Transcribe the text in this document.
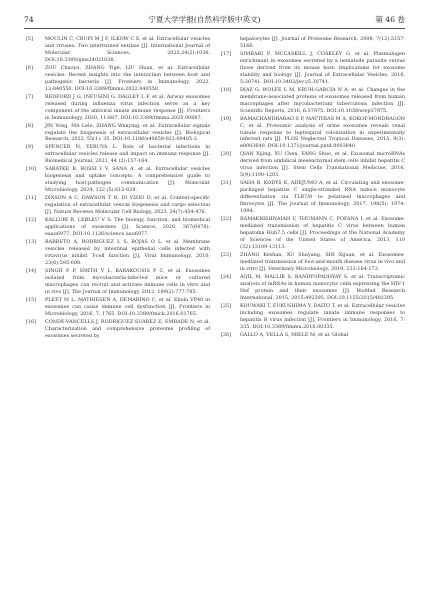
74	宁夏大学学报(自然科学版中英文)	第 46 卷
[5] MOULIN C, CRUPI M J F, ILKOW C S, et al. Extracellular vesicles and viruses: Two intertwined entities [J]. International Journal of Molecular Sciences, 2023,24(2):1036. DOI:10.3390/ijms24021036.
[6] ZOU Chaoyu, ZHANG Yige, LIU Huan, et al. Extracellular vesicles: Recent insights into the interaction between host and pathogenic bacteria [J]. Frontiers in Immunology, 2022, 13:840550. DOI:10.3389/fimmu.2022.840550.
[7] BEDFORD J G, INFUSINI G, DAGLEY L F, et al. Airway exosomes released during influenza virus infection serve as a key component of the antiviral innate immune response [J]. Frontiers in Immunology, 2020, 11:887. DOI:10.3389/fimmu.2020.00887.
[8] JIN Yong, MA Lele, ZHANG Wanying, et al. Extracellular signals regulate the biogenesis of extracellular vesicles [J]. Biological Research, 2022, 55(1): 35. DOI:10.1186/s40659-022-00405-2.
[9] SPENCER N, YERUVA L. Role of bacterial infections in extracellular vesicles release and impact on immune response [J]. Biomedical Journal, 2021, 44 (2):157-164.
[10] SABATKE B, ROSSI I V, SANA A, et al. Extracellular vesicles biogenesis and uptake concepts: A comprehensive guide to studying host-pathogen communication [J]. Molecular Microbiology, 2024, 122 (5):613-629.
[11] DIXSON A C, DAWSON T R, DI VIZIO D, et al. Context-specific regulation of extracellular vesicle biogenesis and cargo selection [J]. Nature Reviews Molecular Cell Biology, 2023, 24(7):454-476.
[12] KALLURI R, LEBLEU V S. The biology, function, and biomedical applications of exosomes [J]. Science, 2020, 367(6478): eaau6977. DOI:10.1126/science.aau6977.
[13] BARRETO A, RODRIGUEZ L S, ROJAS O L, et al. Membrane vesicles released by intestinal epithelial cells infected with rotavirus inhibit T-cell function [J]. Viral Immunology, 2010, 23(6):595-608.
[14] SINGH P P, SMITH V L, KARAKOUSIS P C, et al. Exosomes isolated from mycobacteria-infected mice or cultured macrophages can recruit and activate immune cells in vitro and in vivo [J]. The Journal of Immunology, 2012, 189(2):777-785.
[15] PLEET M L, MATHIESEN A, DEMARINO C, et al. Ebola VP40 in exosomes can cause immune cell dysfunction [J]. Frontiers in Microbiology, 2016, 7: 1765. DOI:10.3389/fmicb.2016.01765.
[16] CONDE-VANCELLS J, RODRIGUEZ-SUAREZ E, EMBADE N, et al. Characterization and comprehensive proteome profiling of exosomes secreted by
hepatocytes [J]. Journal of Proteome Research, 2008, 7(12):5157-5166.
[17] SIMBARI F, MCCASKILL J, COAKLEY G, et al. Plasmalogen enrichment in exosomes secreted by a nematode parasite versus those derived from its mouse host: Implications for exosome stability and biology [J]. Journal of Extracellular Vesicles, 2016, 5:30741. DOI:10.3402/jev.v5.30741.
[18] DIAZ G, WOLFE L M, KRUH-GARCIA N A, et al. Changes in the membrane-associated proteins of exosomes released from human macrophages after mycobacterium tuberculosis infection [J]. Scientific Reports, 2016, 6:37975. DOI:10.1038/srep37975.
[19] RAMACHANDRARAO S P, MATTHIAS M A, KOKOY-MONDRAGON C, et al. Proteomic analysis of urine exosomes reveals renal tubule response to leptospiral colonization in experimentally infected rats [J]. PLOS Neglected Tropical Diseases, 2015, 9(3): e0003640. DOI:10.1371/journal.pntd.0003640.
[20] QIAN Xijing, XU Chen, FANG Shuo, et al. Exosomal microRNAs derived from umbilical mesenchymal stem cells inhibit hepatitis C virus infection [J]. Stem Cells Translational Medicine, 2016, 5(9):1190-1203.
[21] SAHA B, KODYS K, ADEJUMO A, et al. Circulating and exosome-packaged hepatitis C single-stranded RNA induce monocyte differentiation via TLR7/8 to polarized macrophages and fibrocytes [J]. The Journal of Immunology, 2017, 198(5): 1974-1984.
[22] RAMAKRISHNAIAH V, THUMANN C, FOFANA I, et al. Exosome-mediated transmission of hepatitis C virus between human hepatoma Huh7.5 cells [J]. Proceedings of the National Academy of Sciences of the United States of America, 2013, 110 (32):13109-13113.
[23] ZHANG Keshan, XU Shuyang, SHI Xijuan, et al. Exosomes-mediated transmission of foot-and-mouth disease virus in vivo and in vitro [J]. Veterinary Microbiology, 2019, 233:164-173.
[24] AQIL M, MALLIK S, BANDYOPADHYAY S, et al. Transcriptomic analysis of mRNAs in human monocytic cells expressing the HIV-1 Nef protein and their exosomes [J]. BioMed Research International, 2015, 2015:492395. DOI:10.1155/2015/492395.
[25] KOUWAKI T, FUKUSHIMA Y, DAITO T, et al. Extracellular vesicles including exosomes regulate innate immune responses to hepatitis B virus infection [J]. Frontiers in Immunology, 2016, 7: 335. DOI:10.3389/fimmu.2016.00335.
[26] GALLO A, VELLA S, MIELE M, et al. Global
